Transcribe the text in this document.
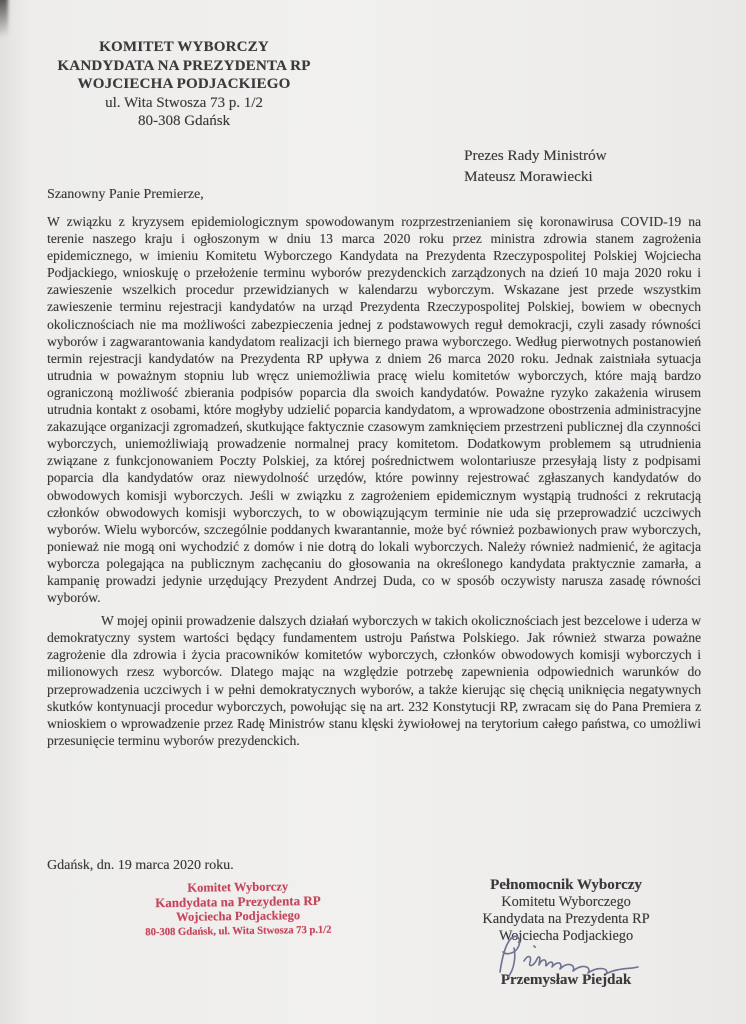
KOMITET WYBORCZY
KANDYDATA NA PREZYDENTA RP
WOJCIECHA PODJACKIEGO
ul. Wita Stwosza 73 p. 1/2
80-308 Gdańsk
Prezes Rady Ministrów
Mateusz Morawiecki
Szanowny Panie Premierze,

W związku z kryzysem epidemiologicznym spowodowanym rozprzestrzenianiem się koronawirusa COVID-19 na terenie naszego kraju i ogłoszonym w dniu 13 marca 2020 roku przez ministra zdrowia stanem zagrożenia epidemicznego, w imieniu Komitetu Wyborczego Kandydata na Prezydenta Rzeczypospolitej Polskiej Wojciecha Podjackiego, wnioskuję o przełożenie terminu wyborów prezydenckich zarządzonych na dzień 10 maja 2020 roku i zawieszenie wszelkich procedur przewidzianych w kalendarzu wyborczym. Wskazane jest przede wszystkim zawieszenie terminu rejestracji kandydatów na urząd Prezydenta Rzeczypospolitej Polskiej, bowiem w obecnych okolicznościach nie ma możliwości zabezpieczenia jednej z podstawowych reguł demokracji, czyli zasady równości wyborów i zagwarantowania kandydatom realizacji ich biernego prawa wyborczego. Według pierwotnych postanowień termin rejestracji kandydatów na Prezydenta RP upływa z dniem 26 marca 2020 roku. Jednak zaistniała sytuacja utrudnia w poważnym stopniu lub wręcz uniemożliwia pracę wielu komitetów wyborczych, które mają bardzo ograniczoną możliwość zbierania podpisów poparcia dla swoich kandydatów. Poważne ryzyko zakażenia wirusem utrudnia kontakt z osobami, które mogłyby udzielić poparcia kandydatom, a wprowadzone obostrzenia administracyjne zakazujące organizacji zgromadzeń, skutkujące faktycznie czasowym zamknięciem przestrzeni publicznej dla czynności wyborczych, uniemożliwiają prowadzenie normalnej pracy komitetom. Dodatkowym problemem są utrudnienia związane z funkcjonowaniem Poczty Polskiej, za której pośrednictwem wolontariusze przesyłają listy z podpisami poparcia dla kandydatów oraz niewydolność urzędów, które powinny rejestrować zgłaszanych kandydatów do obwodowych komisji wyborczych. Jeśli w związku z zagrożeniem epidemicznym wystąpią trudności z rekrutacją członków obwodowych komisji wyborczych, to w obowiązującym terminie nie uda się przeprowadzić uczciwych wyborów. Wielu wyborców, szczególnie poddanych kwarantannie, może być również pozbawionych praw wyborczych, ponieważ nie mogą oni wychodzić z domów i nie dotrą do lokali wyborczych. Należy również nadmienić, że agitacja wyborcza polegająca na publicznym zachęcaniu do głosowania na określonego kandydata praktycznie zamarła, a kampanię prowadzi jedynie urzędujący Prezydent Andrzej Duda, co w sposób oczywisty narusza zasadę równości wyborów.

W mojej opinii prowadzenie dalszych działań wyborczych w takich okolicznościach jest bezcelowe i uderza w demokratyczny system wartości będący fundamentem ustroju Państwa Polskiego. Jak również stwarza poważne zagrożenie dla zdrowia i życia pracowników komitetów wyborczych, członków obwodowych komisji wyborczych i milionowych rzesz wyborców. Dlatego mając na względzie potrzebę zapewnienia odpowiednich warunków do przeprowadzenia uczciwych i w pełni demokratycznych wyborów, a także kierując się chęcią uniknięcia negatywnych skutków kontynuacji procedur wyborczych, powołując się na art. 232 Konstytucji RP, zwracam się do Pana Premiera z wnioskiem o wprowadzenie przez Radę Ministrów stanu klęski żywiołowej na terytorium całego państwa, co umożliwi przesunięcie terminu wyborów prezydenckich.

Gdańsk, dn. 19 marca 2020 roku.
Komitet Wyborczy
Kandydata na Prezydenta RP
Wojciecha Podjackiego
80-308 Gdańsk, ul. Wita Stwosza 73 p.1/2
Pełnomocnik Wyborczy
Komitetu Wyborczego
Kandydata na Prezydenta RP
Wojciecha Podjackiego
Przemysław Piejdak
